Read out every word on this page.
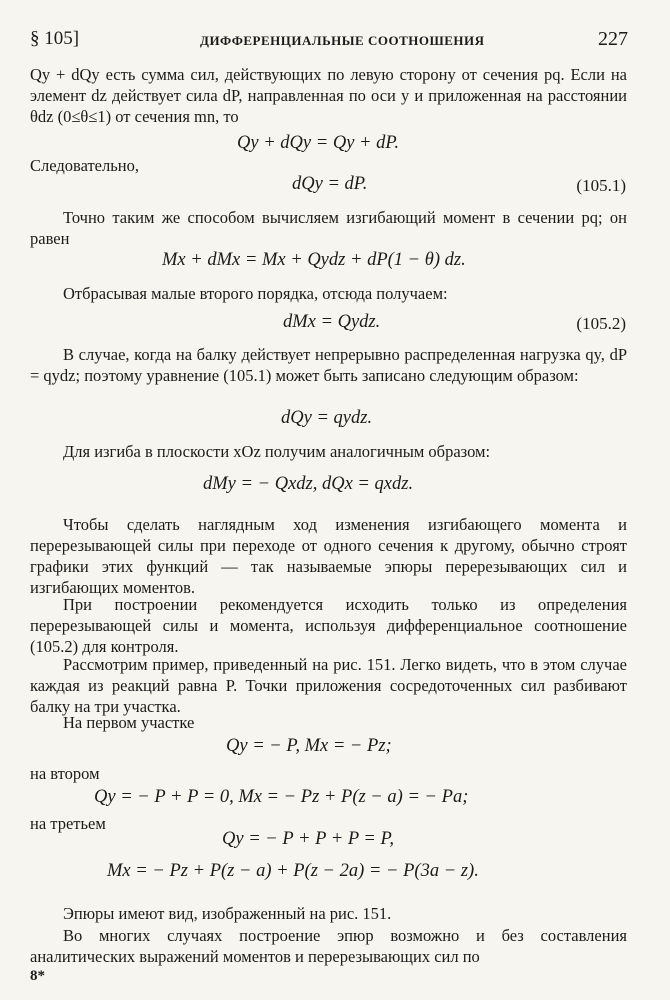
§ 105]	ДИФФЕРЕНЦИАЛЬНЫЕ СООТНОШЕНИЯ	227
Qy + dQy есть сумма сил, действующих по левую сторону от сечения pq. Если на элемент dz действует сила dP, направленная по оси y и приложенная на расстоянии θdz (0≤θ≤1) от сечения mn, то
Qy + dQy = Qy + dP.
Следовательно,
dQy = dP.	(105.1)
Точно таким же способом вычисляем изгибающий момент в сечении pq; он равен
Mx + dMx = Mx + Qydz + dP(1 − θ) dz.
Отбрасывая малые второго порядка, отсюда получаем:
dMx = Qydz.	(105.2)
В случае, когда на балку действует непрерывно распределенная нагрузка qy, dP = qydz; поэтому уравнение (105.1) может быть записано следующим образом:
dQy = qydz.
Для изгиба в плоскости xOz получим аналогичным образом:
dMy = − Qxdz, dQx = qxdz.
Чтобы сделать наглядным ход изменения изгибающего момента и перерезывающей силы при переходе от одного сечения к другому, обычно строят графики этих функций — так называемые эпюры перерезывающих сил и изгибающих моментов.
При построении рекомендуется исходить только из определения перерезывающей силы и момента, используя дифференциальное соотношение (105.2) для контроля.
Рассмотрим пример, приведенный на рис. 151. Легко видеть, что в этом случае каждая из реакций равна P. Точки приложения сосредоточенных сил разбивают балку на три участка.
На первом участке
Qy = − P, Mx = − Pz;
на втором
Qy = − P + P = 0, Mx = − Pz + P(z − a) = − Pa;
на третьем
Qy = − P + P + P = P,
Mx = − Pz + P(z − a) + P(z − 2a) = − P(3a − z).
Эпюры имеют вид, изображенный на рис. 151.
Во многих случаях построение эпюр возможно и без составления аналитических выражений моментов и перерезывающих сил по
8*
